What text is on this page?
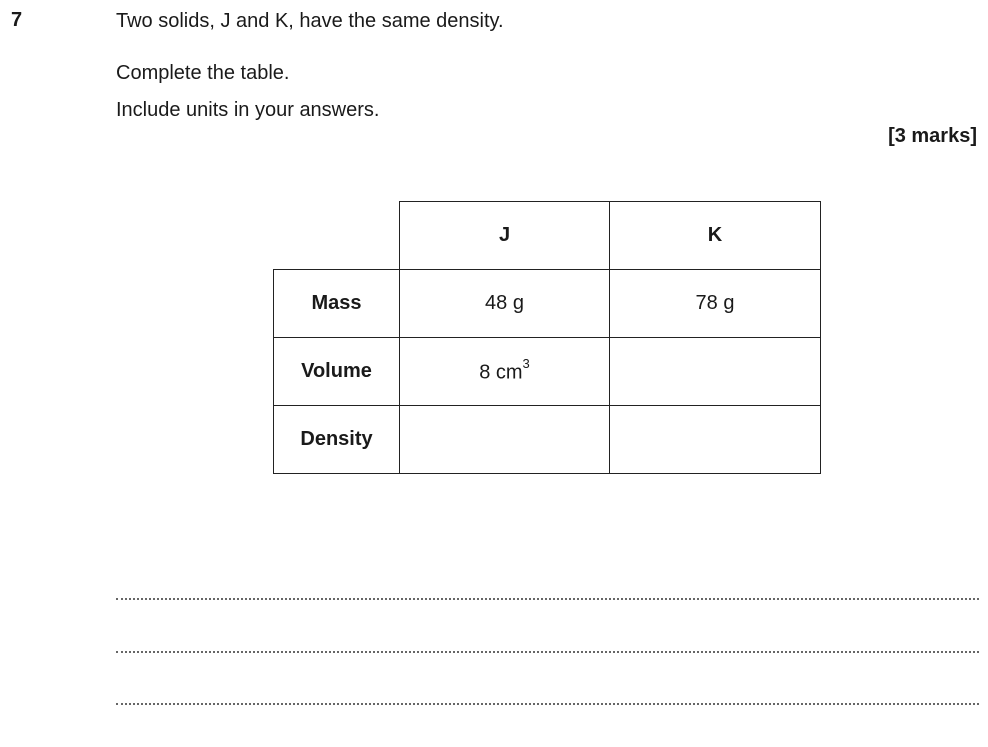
7	Two solids, J and K, have the same density.
Complete the table.
Include units in your answers.
[3 marks]
	J	K
Mass	48 g	78 g
Volume	8 $cm^3$	
Density		
